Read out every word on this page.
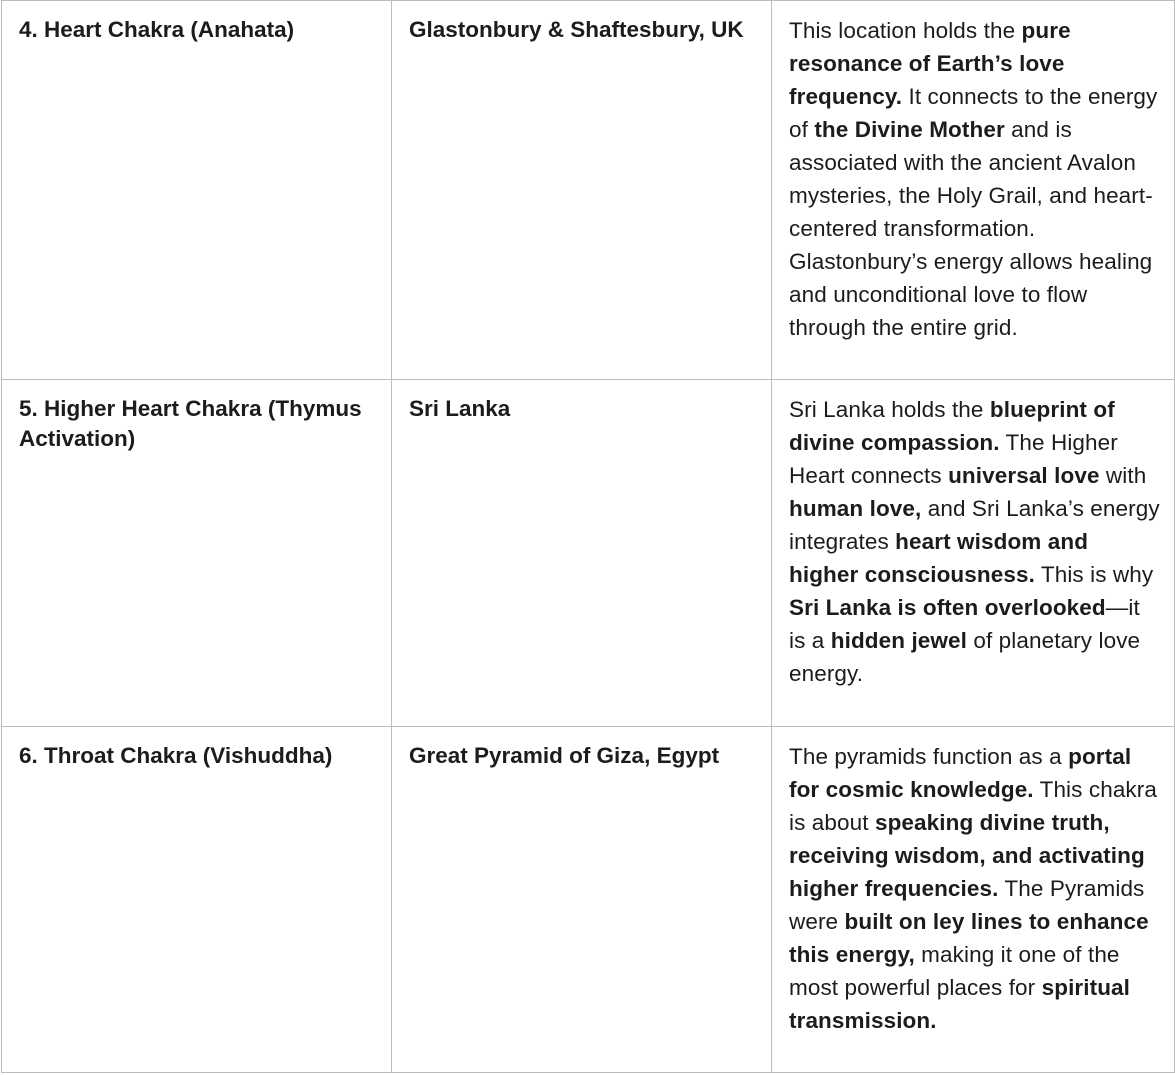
4. Heart Chakra (Anahata)	Glastonbury & Shaftesbury, UK	This location holds the pure resonance of Earth’s love frequency. It connects to the energy of the Divine Mother and is associated with the ancient Avalon mysteries, the Holy Grail, and heart-centered transformation. Glastonbury’s energy allows healing and unconditional love to flow through the entire grid.
5. Higher Heart Chakra (Thymus Activation)	Sri Lanka	Sri Lanka holds the blueprint of divine compassion. The Higher Heart connects universal love with human love, and Sri Lanka’s energy integrates heart wisdom and higher consciousness. This is why Sri Lanka is often overlooked—it is a hidden jewel of planetary love energy.
6. Throat Chakra (Vishuddha)	Great Pyramid of Giza, Egypt	The pyramids function as a portal for cosmic knowledge. This chakra is about speaking divine truth, receiving wisdom, and activating higher frequencies. The Pyramids were built on ley lines to enhance this energy, making it one of the most powerful places for spiritual transmission.
